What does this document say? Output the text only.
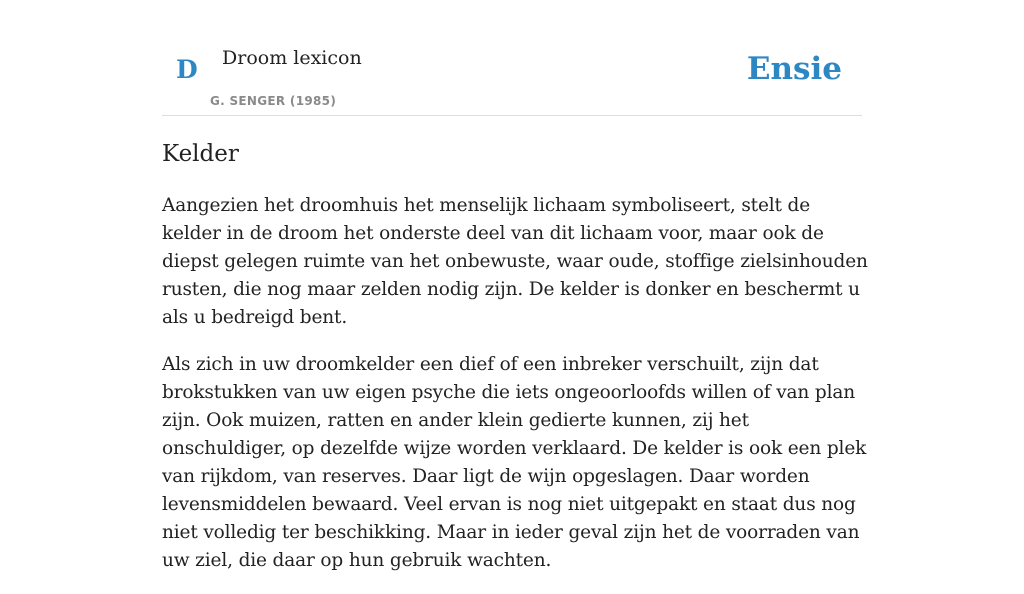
D Droom lexicon
G. SENGER (1985)
Ensie
Kelder

Aangezien het droomhuis het menselijk lichaam symboliseert, stelt de kelder in de droom het onderste deel van dit lichaam voor, maar ook de diepst gelegen ruimte van het onbewuste, waar oude, stoffige zielsinhouden rusten, die nog maar zelden nodig zijn. De kelder is donker en beschermt u als u bedreigd bent.

Als zich in uw droomkelder een dief of een inbreker verschuilt, zijn dat brokstukken van uw eigen psyche die iets ongeoorloofds willen of van plan zijn. Ook muizen, ratten en ander klein gedierte kunnen, zij het onschuldiger, op dezelfde wijze worden verklaard. De kelder is ook een plek van rijkdom, van reserves. Daar ligt de wijn opgeslagen. Daar worden levensmiddelen bewaard. Veel ervan is nog niet uitgepakt en staat dus nog niet volledig ter beschikking. Maar in ieder geval zijn het de voorraden van uw ziel, die daar op hun gebruik wachten.
